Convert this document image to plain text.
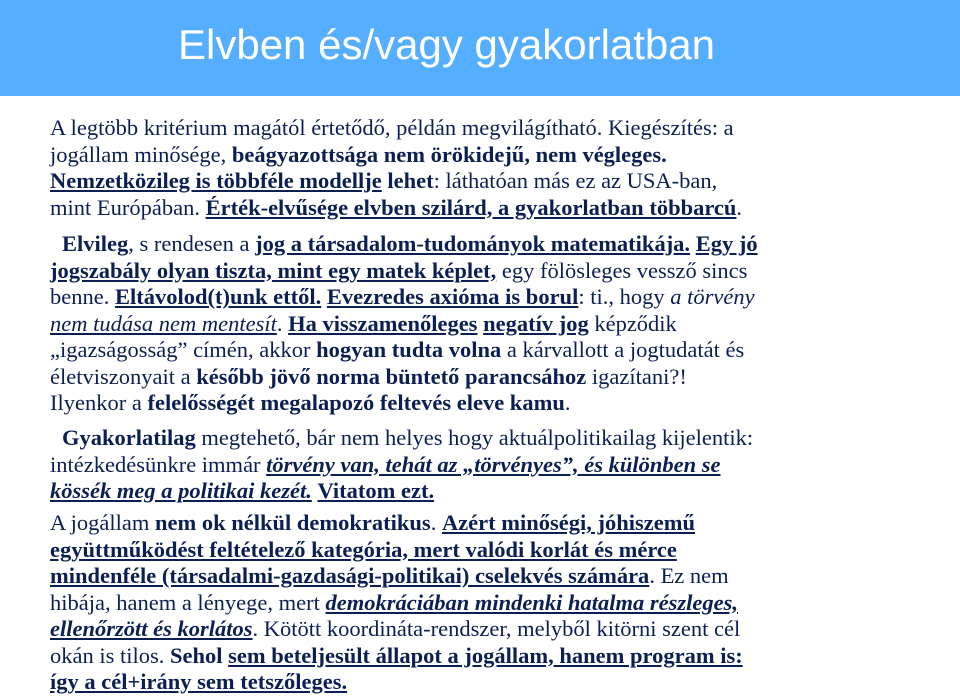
Elvben és/vagy gyakorlatban

A legtöbb kritérium magától értetődő, példán megvilágítható. Kiegészítés: a
jogállam minősége, beágyazottsága nem örökidejű, nem végleges.
Nemzetközileg is többféle modellje lehet: láthatóan más ez az USA-ban,
mint Európában. Érték-elvűsége elvben szilárd, a gyakorlatban többarcú.

Elvileg, s rendesen a jog a társadalom-tudományok matematikája. Egy jó
jogszabály olyan tiszta, mint egy matek képlet, egy fölösleges vessző sincs
benne. Eltávolod(t)unk ettől. Evezredes axióma is borul: ti., hogy a törvény
nem tudása nem mentesít. Ha visszamenőleges negatív jog képződik
„igazságosság” címén, akkor hogyan tudta volna a kárvallott a jogtudatát és
életviszonyait a később jövő norma büntető parancsához igazítani?!
Ilyenkor a felelősségét megalapozó feltevés eleve kamu.

Gyakorlatilag megtehető, bár nem helyes hogy aktuálpolitikailag kijelentik:
intézkedésünkre immár törvény van, tehát az „törvényes”, és különben se
kössék meg a politikai kezét. Vitatom ezt.

A jogállam nem ok nélkül demokratikus. Azért minőségi, jóhiszemű
együttműködést feltételező kategória, mert valódi korlát és mérce
mindenféle (társadalmi-gazdasági-politikai) cselekvés számára. Ez nem
hibája, hanem a lényege, mert demokráciában mindenki hatalma részleges,
ellenőrzött és korlátos. Kötött koordináta-rendszer, melyből kitörni szent cél
okán is tilos. Sehol sem beteljesült állapot a jogállam, hanem program is:
így a cél+irány sem tetszőleges.
